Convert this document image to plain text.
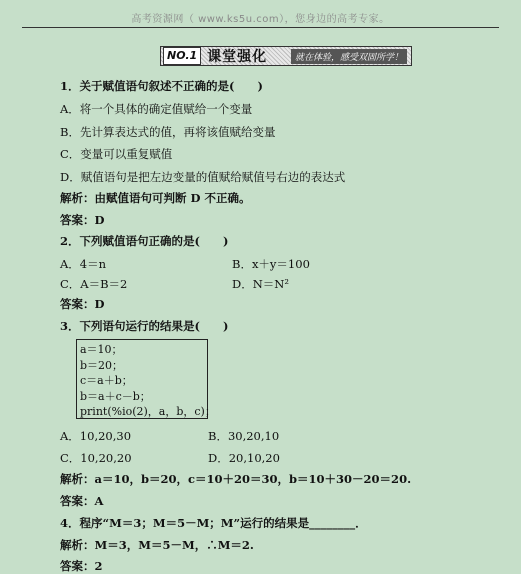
高考资源网（ www.ks5u.com），您身边的高考专家。
NO.1 课堂强化	就在体验，感受双固所学！
1．关于赋值语句叙述不正确的是(　　)
A．将一个具体的确定值赋给一个变量
B．先计算表达式的值，再将该值赋给变量
C．变量可以重复赋值
D．赋值语句是把左边变量的值赋给赋值号右边的表达式
解析：由赋值语句可判断 D 不正确。
答案：D
2．下列赋值语句正确的是(　　)
A．4＝n	B．x＋y＝100
C．A＝B＝2	D．N＝N²
答案：D
3．下列语句运行的结果是(　　)
a＝10；
b＝20；
c＝a＋b；
b＝a＋c－b；
print(%io(2)，a，b，c)；
A．10,20,30	B．30,20,10
C．10,20,20	D．20,10,20
解析：a＝10，b＝20，c＝10＋20＝30，b＝10＋30－20＝20.
答案：A
4．程序“M＝3；M＝5－M；M”运行的结果是________．
解析：M＝3，M＝5－M，∴M＝2.
答案：2
